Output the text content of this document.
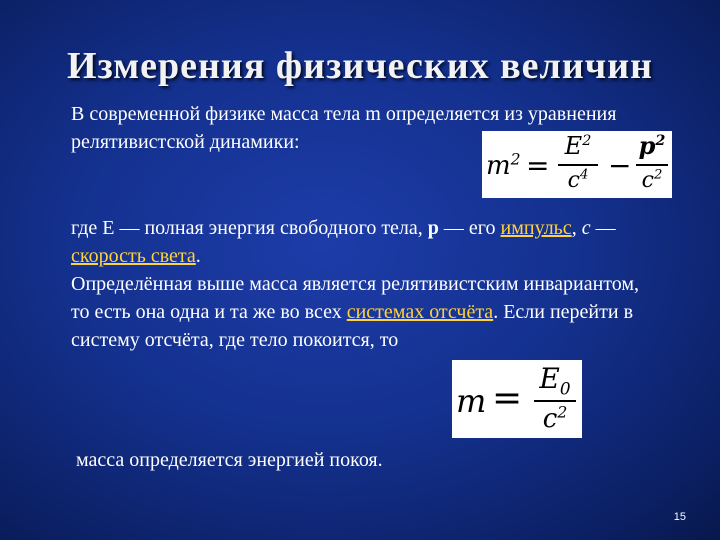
Измерения физических величин
В современной физике масса тела m определяется из уравнения релятивистской динамики:
$m^2$ =
$E^2$
$c^4$ −
$p^2$
$c^2$
где E — полная энергия свободного тела, p — его импульс, c — скорость света.
Определённая выше масса является релятивистским инвариантом, то есть она одна и та же во всех системах отсчёта. Если перейти в систему отсчёта, где тело покоится, то
$m = E_0$
$c^2$
масса определяется энергией покоя.
15
